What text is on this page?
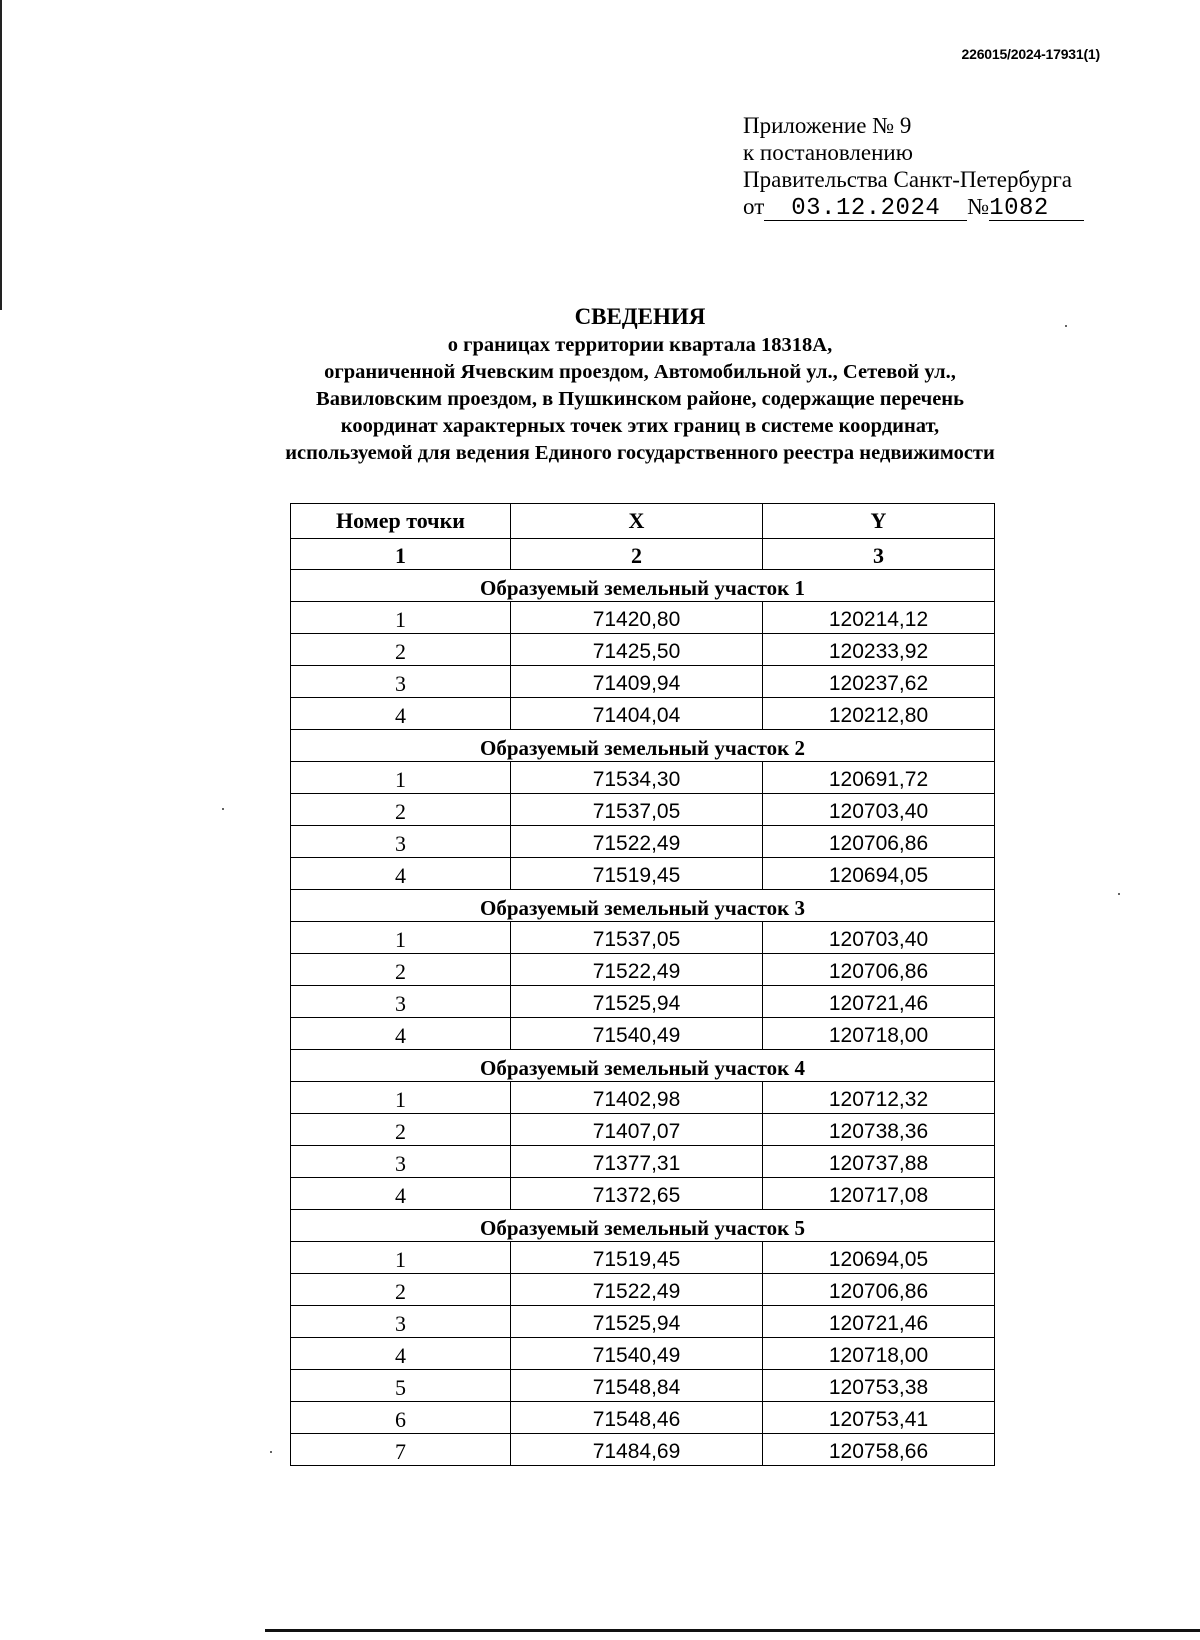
226015/2024-17931(1)
Приложение № 9
к постановлению
Правительства Санкт-Петербурга
от 03.12.2024 №1082
СВЕДЕНИЯ
о границах территории квартала 18318А,
ограниченной Ячевским проездом, Автомобильной ул., Сетевой ул.,
Вавиловским проездом, в Пушкинском районе, содержащие перечень
координат характерных точек этих границ в системе координат,
используемой для ведения Единого государственного реестра недвижимости
Номер точки	X	Y
1	2	3
Образуемый земельный участок 1		
1	71420,80	120214,12
2	71425,50	120233,92
3	71409,94	120237,62
4	71404,04	120212,80
Образуемый земельный участок 2		
1	71534,30	120691,72
2	71537,05	120703,40
3	71522,49	120706,86
4	71519,45	120694,05
Образуемый земельный участок 3		
1	71537,05	120703,40
2	71522,49	120706,86
3	71525,94	120721,46
4	71540,49	120718,00
Образуемый земельный участок 4		
1	71402,98	120712,32
2	71407,07	120738,36
3	71377,31	120737,88
4	71372,65	120717,08
Образуемый земельный участок 5		
1	71519,45	120694,05
2	71522,49	120706,86
3	71525,94	120721,46
4	71540,49	120718,00
5	71548,84	120753,38
6	71548,46	120753,41
7	71484,69	120758,66
